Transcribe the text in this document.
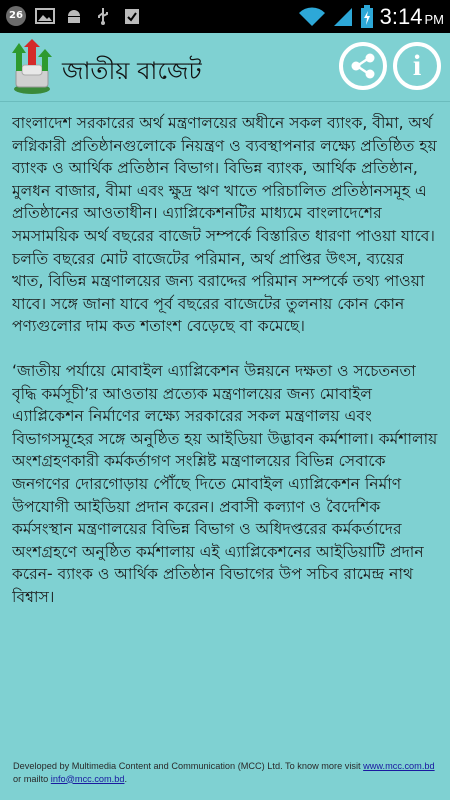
26	3:14 PM
জাতীয় বাজেট	i

বাংলাদেশ সরকারের অর্থ মন্ত্রণালয়ের অধীনে সকল ব্যাংক, বীমা, অর্থ লগ্নিকারী প্রতিষ্ঠানগুলোকে নিয়ন্ত্রণ ও ব্যবস্থাপনার লক্ষ্যে প্রতিষ্ঠিত হয় ব্যাংক ও আর্থিক প্রতিষ্ঠান বিভাগ। বিভিন্ন ব্যাংক, আর্থিক প্রতিষ্ঠান, মুলধন বাজার, বীমা এবং ক্ষুদ্র ঋণ খাতে পরিচালিত প্রতিষ্ঠানসমূহ এ প্রতিষ্ঠানের আওতাধীন। এ্যাপ্লিকেশনটির মাধ্যমে বাংলাদেশের সমসাময়িক অর্থ বছরের বাজেট সম্পর্কে বিস্তারিত ধারণা পাওয়া যাবে। চলতি বছরের মোট বাজেটের পরিমান, অর্থ প্রাপ্তির উৎস, ব্যয়ের খাত, বিভিন্ন মন্ত্রণালয়ের জন্য বরাদ্দের পরিমান সম্পর্কে তথ্য পাওয়া যাবে। সঙ্গে জানা যাবে পূর্ব বছরের বাজেটের তুলনায় কোন কোন পণ্যগুলোর দাম কত শতাংশ বেড়েছে বা কমেছে।

‘জাতীয় পর্যায়ে মোবাইল এ্যাপ্লিকেশন উন্নয়নে দক্ষতা ও সচেতনতা বৃদ্ধি কর্মসূচী’র আওতায় প্রত্যেক মন্ত্রণালয়ের জন্য মোবাইল এ্যাপ্লিকেশন নির্মাণের লক্ষ্যে সরকারের সকল মন্ত্রণালয় এবং বিভাগসমূহের সঙ্গে অনুষ্ঠিত হয় আইডিয়া উদ্ভাবন কর্মশালা। কর্মশালায় অংশগ্রহণকারী কর্মকর্তাগণ সংশ্লিষ্ট মন্ত্রণালয়ের বিভিন্ন সেবাকে জনগণের দোরগোড়ায় পৌঁছে দিতে মোবাইল এ্যাপ্লিকেশন নির্মাণ উপযোগী আইডিয়া প্রদান করেন। প্রবাসী কল্যাণ ও বৈদেশিক কর্মসংস্থান মন্ত্রণালয়ের বিভিন্ন বিভাগ ও অধিদপ্তরের কর্মকর্তাদের অংশগ্রহণে অনুষ্ঠিত কর্মশালায় এই এ্যাপ্লিকেশনের আইডিয়াটি প্রদান করেন- ব্যাংক ও আর্থিক প্রতিষ্ঠান বিভাগের উপ সচিব রামেন্দ্র নাথ বিশ্বাস।

Developed by Multimedia Content and Communication (MCC) Ltd. To know more visit www.mcc.com.bd or mailto info@mcc.com.bd.
